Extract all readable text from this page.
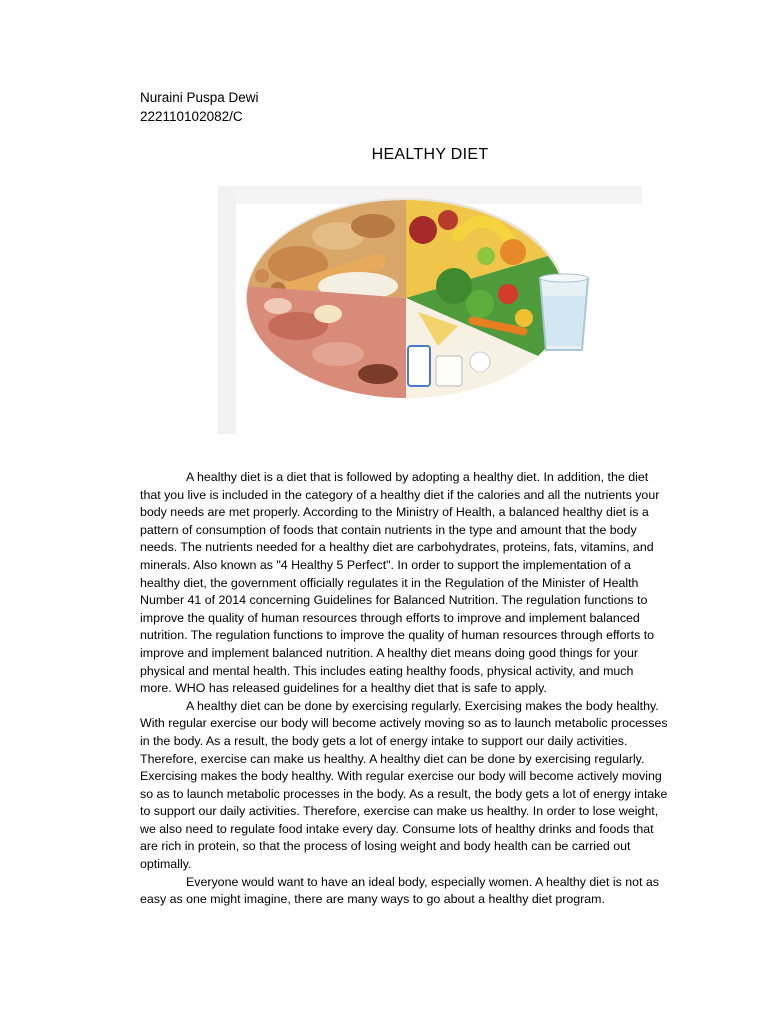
Nuraini Puspa Dewi
222110102082/C
HEALTHY DIET

A healthy diet is a diet that is followed by adopting a healthy diet. In addition, the diet that you live is included in the category of a healthy diet if the calories and all the nutrients your body needs are met properly. According to the Ministry of Health, a balanced healthy diet is a pattern of consumption of foods that contain nutrients in the type and amount that the body needs. The nutrients needed for a healthy diet are carbohydrates, proteins, fats, vitamins, and minerals. Also known as "4 Healthy 5 Perfect". In order to support the implementation of a healthy diet, the government officially regulates it in the Regulation of the Minister of Health Number 41 of 2014 concerning Guidelines for Balanced Nutrition. The regulation functions to improve the quality of human resources through efforts to improve and implement balanced nutrition. The regulation functions to improve the quality of human resources through efforts to improve and implement balanced nutrition. A healthy diet means doing good things for your physical and mental health. This includes eating healthy foods, physical activity, and much more. WHO has released guidelines for a healthy diet that is safe to apply.

A healthy diet can be done by exercising regularly. Exercising makes the body healthy. With regular exercise our body will become actively moving so as to launch metabolic processes in the body. As a result, the body gets a lot of energy intake to support our daily activities. Therefore, exercise can make us healthy. A healthy diet can be done by exercising regularly. Exercising makes the body healthy. With regular exercise our body will become actively moving so as to launch metabolic processes in the body. As a result, the body gets a lot of energy intake to support our daily activities. Therefore, exercise can make us healthy. In order to lose weight, we also need to regulate food intake every day. Consume lots of healthy drinks and foods that are rich in protein, so that the process of losing weight and body health can be carried out optimally.

Everyone would want to have an ideal body, especially women. A healthy diet is not as easy as one might imagine, there are many ways to go about a healthy diet program.
